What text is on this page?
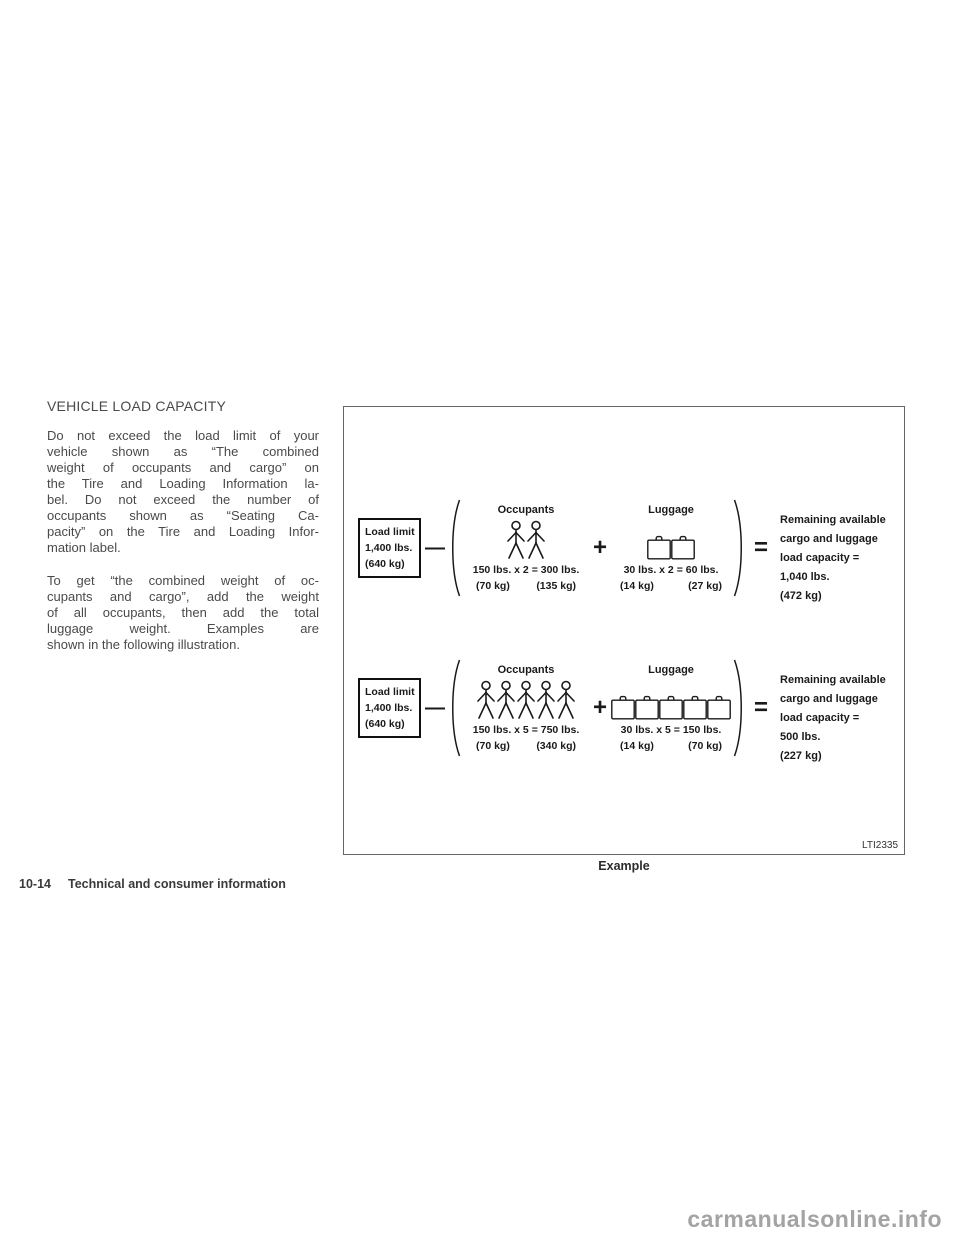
VEHICLE LOAD CAPACITY
Do not exceed the load limit of your
vehicle shown as “The combined
weight of occupants and cargo” on
the Tire and Loading Information la-
bel. Do not exceed the number of
occupants shown as “Seating Ca-
pacity” on the Tire and Loading Infor-
mation label.
To get “the combined weight of oc-
cupants and cargo”, add the weight
of all occupants, then add the total
luggage weight. Examples are
shown in the following illustration.
Load limit
1,400 lbs.
(640 kg)
—
Occupants
150 lbs. x 2 = 300 lbs.
(70 kg)	(135 kg)
+
Luggage
30 lbs. x 2 = 60 lbs.
(14 kg)	(27 kg)
=
Remaining available
cargo and luggage
load capacity =
1,040 lbs.
(472 kg)
Load limit
1,400 lbs.
(640 kg)
—
Occupants
150 lbs. x 5 = 750 lbs.
(70 kg)	(340 kg)
+
Luggage
30 lbs. x 5 = 150 lbs.
(14 kg)	(70 kg)
=
Remaining available
cargo and luggage
load capacity =
500 lbs.
(227 kg)
LTI2335
Example
10-14 Technical and consumer information
carmanualsonline.info
